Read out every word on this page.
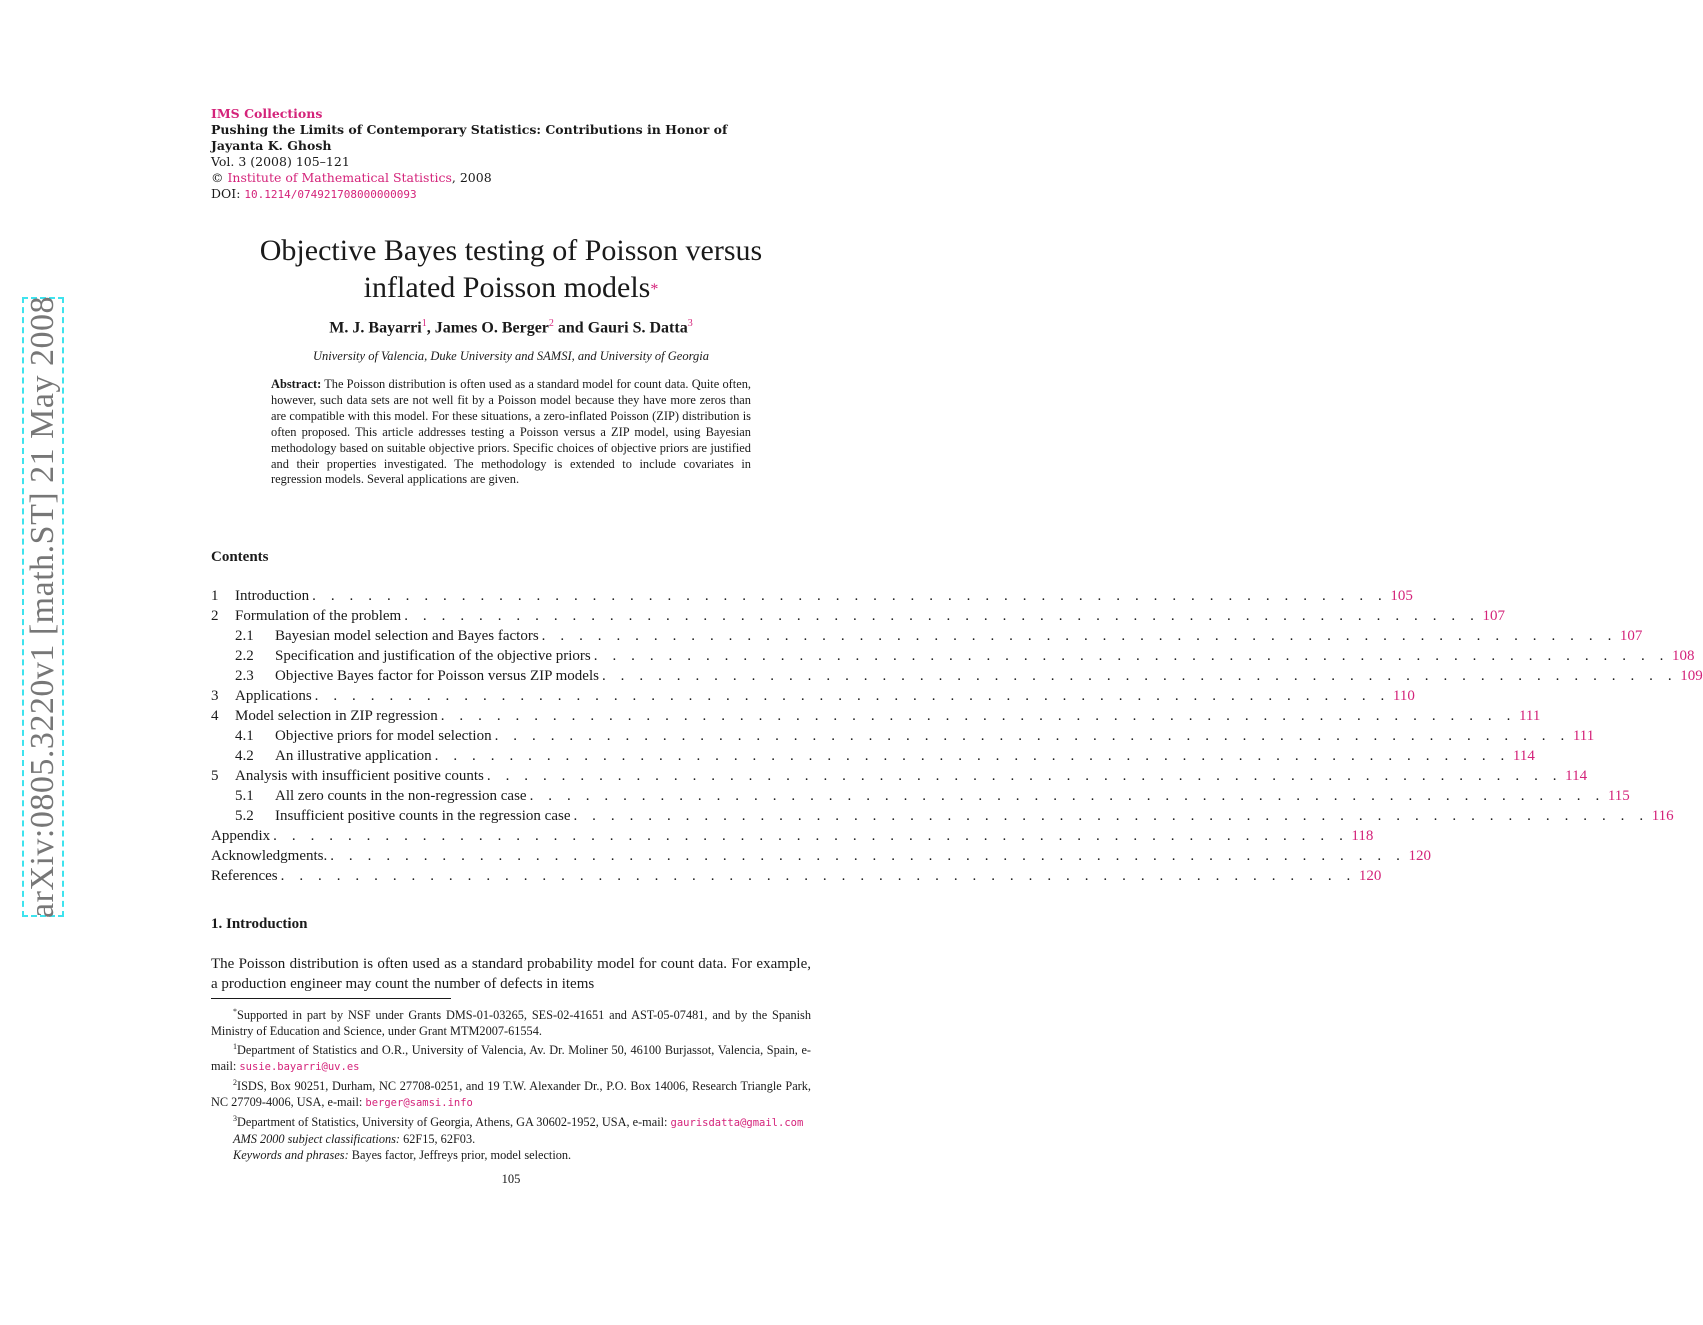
arXiv:0805.3220v1 [math.ST] 21 May 2008
IMS Collections
Pushing the Limits of Contemporary Statistics: Contributions in Honor of
Jayanta K. Ghosh
Vol. 3 (2008) 105–121
© Institute of Mathematical Statistics, 2008
DOI: 10.1214/074921708000000093
Objective Bayes testing of Poisson versus
inflated Poisson models*
M. J. Bayarri$^1$, James O. Berger$^2$ and Gauri S. Datta$^3$
University of Valencia, Duke University and SAMSI, and University of Georgia
Abstract: The Poisson distribution is often used as a standard model for count data. Quite often, however, such data sets are not well fit by a Poisson model because they have more zeros than are compatible with this model. For these situations, a zero-inflated Poisson (ZIP) distribution is often proposed. This article addresses testing a Poisson versus a ZIP model, using Bayesian methodology based on suitable objective priors. Specific choices of objective priors are justified and their properties investigated. The methodology is extended to include covariates in regression models. Several applications are given.
Contents
1 Introduction . . . . . . . . . . . . . . . . . . . . . . . . . . . . . . . . . . . . . . . . . . . . . . . . . . . . . . . . . . 105
2 Formulation of the problem . . . . . . . . . . . . . . . . . . . . . . . . . . . . . . . . . . . . . . . . . . . . . . . . . . . . . . . . . . 107
2.1 Bayesian model selection and Bayes factors . . . . . . . . . . . . . . . . . . . . . . . . . . . . . . . . . . . . . . . . . . . . . . . . . . . . . . . . . . 107
2.2 Specification and justification of the objective priors . . . . . . . . . . . . . . . . . . . . . . . . . . . . . . . . . . . . . . . . . . . . . . . . . . . . . . . . . . 108
2.3 Objective Bayes factor for Poisson versus ZIP models . . . . . . . . . . . . . . . . . . . . . . . . . . . . . . . . . . . . . . . . . . . . . . . . . . . . . . . . . . 109
3 Applications . . . . . . . . . . . . . . . . . . . . . . . . . . . . . . . . . . . . . . . . . . . . . . . . . . . . . . . . . . 110
4 Model selection in ZIP regression . . . . . . . . . . . . . . . . . . . . . . . . . . . . . . . . . . . . . . . . . . . . . . . . . . . . . . . . . . 111
4.1 Objective priors for model selection . . . . . . . . . . . . . . . . . . . . . . . . . . . . . . . . . . . . . . . . . . . . . . . . . . . . . . . . . . 111
4.2 An illustrative application . . . . . . . . . . . . . . . . . . . . . . . . . . . . . . . . . . . . . . . . . . . . . . . . . . . . . . . . . . 114
5 Analysis with insufficient positive counts . . . . . . . . . . . . . . . . . . . . . . . . . . . . . . . . . . . . . . . . . . . . . . . . . . . . . . . . . . 114
5.1 All zero counts in the non-regression case . . . . . . . . . . . . . . . . . . . . . . . . . . . . . . . . . . . . . . . . . . . . . . . . . . . . . . . . . . 115
5.2 Insufficient positive counts in the regression case . . . . . . . . . . . . . . . . . . . . . . . . . . . . . . . . . . . . . . . . . . . . . . . . . . . . . . . . . . 116
Appendix . . . . . . . . . . . . . . . . . . . . . . . . . . . . . . . . . . . . . . . . . . . . . . . . . . . . . . . . . . 118
Acknowledgments. . . . . . . . . . . . . . . . . . . . . . . . . . . . . . . . . . . . . . . . . . . . . . . . . . . . . . . . . . . 120
References . . . . . . . . . . . . . . . . . . . . . . . . . . . . . . . . . . . . . . . . . . . . . . . . . . . . . . . . . . 120
1. Introduction
The Poisson distribution is often used as a standard probability model for count data. For example, a production engineer may count the number of defects in items
*Supported in part by NSF under Grants DMS-01-03265, SES-02-41651 and AST-05-07481, and by the Spanish Ministry of Education and Science, under Grant MTM2007-61554.
$^1$Department of Statistics and O.R., University of Valencia, Av. Dr. Moliner 50, 46100 Burjassot, Valencia, Spain, e-mail: susie.bayarri@uv.es
$^2$ISDS, Box 90251, Durham, NC 27708-0251, and 19 T.W. Alexander Dr., P.O. Box 14006, Research Triangle Park, NC 27709-4006, USA, e-mail: berger@samsi.info
$^3$Department of Statistics, University of Georgia, Athens, GA 30602-1952, USA, e-mail: gaurisdatta@gmail.com
AMS 2000 subject classifications: 62F15, 62F03.
Keywords and phrases: Bayes factor, Jeffreys prior, model selection.
105
